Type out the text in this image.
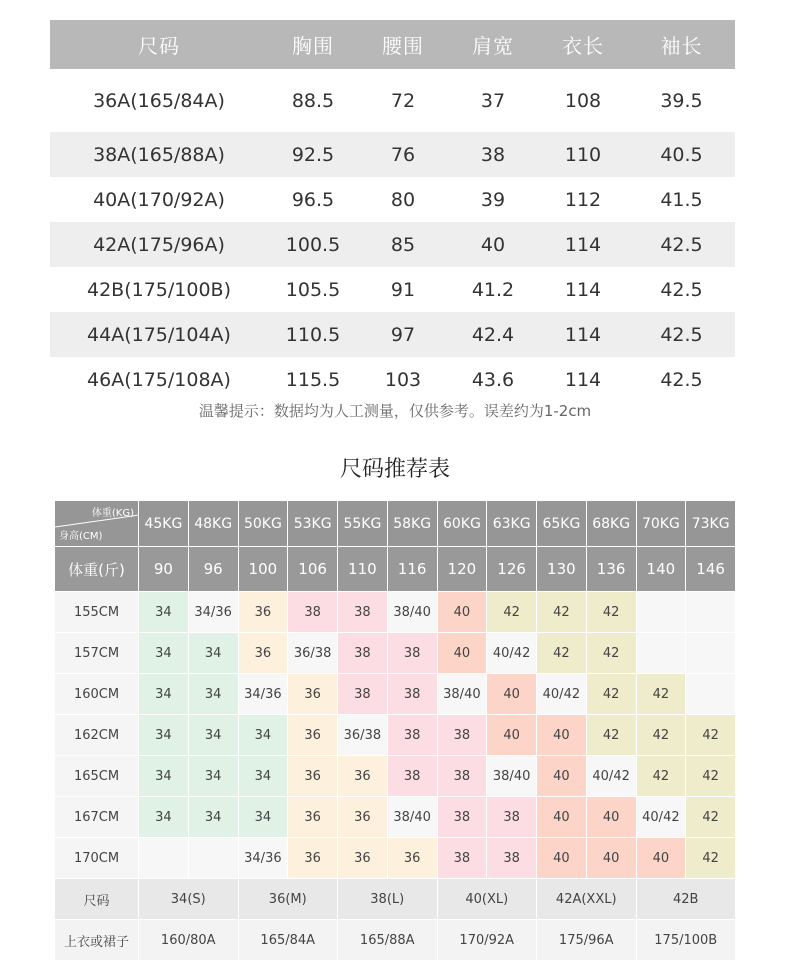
尺码	胸围	腰围	肩宽	衣长	袖长
36A(165/84A)	88.5	72	37	108	39.5
38A(165/88A)	92.5	76	38	110	40.5
40A(170/92A)	96.5	80	39	112	41.5
42A(175/96A)	100.5	85	40	114	42.5
42B(175/100B)	105.5	91	41.2	114	42.5
44A(175/104A)	110.5	97	42.4	114	42.5
46A(175/108A)	115.5	103	43.6	114	42.5
温馨提示：数据均为人工测量，仅供参考。误差约为1-2cm
尺码推荐表
体重(KG)
身高(CM)	45KG	48KG	50KG	53KG	55KG	58KG	60KG	63KG	65KG	68KG	70KG	73KG
体重(斤)	90	96	100	106	110	116	120	126	130	136	140	146
155CM	34	34/36	36	38	38	38/40	40	42	42	42		
157CM	34	34	36	36/38	38	38	40	40/42	42	42		
160CM	34	34	34/36	36	38	38	38/40	40	40/42	42	42	
162CM	34	34	34	36	36/38	38	38	40	40	42	42	42
165CM	34	34	34	36	36	38	38	38/40	40	40/42	42	42
167CM	34	34	34	36	36	38/40	38	38	40	40	40/42	42
170CM			34/36	36	36	36	38	38	40	40	40	42
尺码	34(S)		36(M)		38(L)		40(XL)		42A(XXL)		42B	
上衣或裙子	160/80A		165/84A		165/88A		170/92A		175/96A		175/100B	
